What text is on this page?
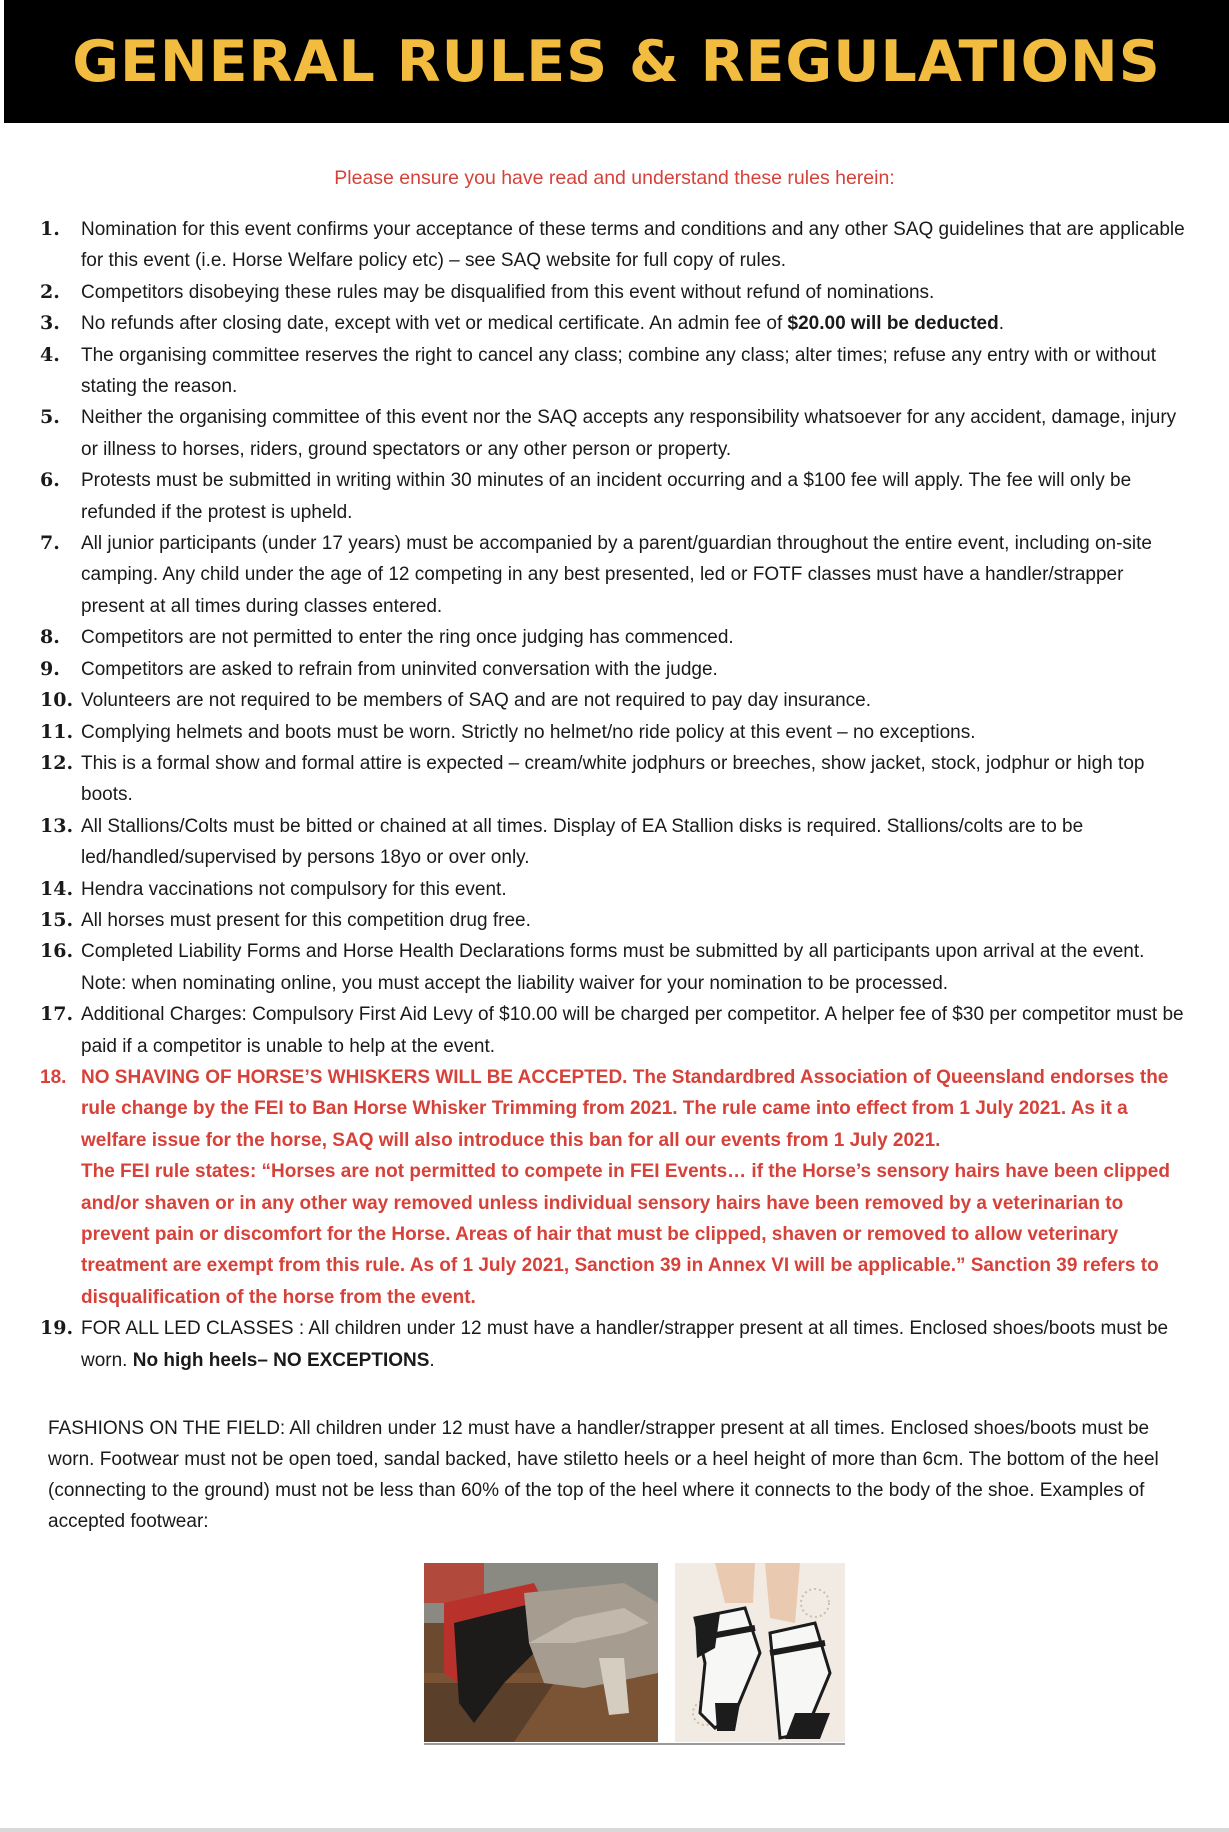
GENERAL RULES & REGULATIONS
Please ensure you have read and understand these rules herein:
1. Nomination for this event confirms your acceptance of these terms and conditions and any other SAQ guidelines that are applicable for this event (i.e. Horse Welfare policy etc) – see SAQ website for full copy of rules.
2. Competitors disobeying these rules may be disqualified from this event without refund of nominations.
3. No refunds after closing date, except with vet or medical certificate. An admin fee of $20.00 will be deducted.
4. The organising committee reserves the right to cancel any class; combine any class; alter times; refuse any entry with or without stating the reason.
5. Neither the organising committee of this event nor the SAQ accepts any responsibility whatsoever for any accident, damage, injury or illness to horses, riders, ground spectators or any other person or property.
6. Protests must be submitted in writing within 30 minutes of an incident occurring and a $100 fee will apply. The fee will only be refunded if the protest is upheld.
7. All junior participants (under 17 years) must be accompanied by a parent/guardian throughout the entire event, including on-site camping. Any child under the age of 12 competing in any best presented, led or FOTF classes must have a handler/strapper present at all times during classes entered.
8. Competitors are not permitted to enter the ring once judging has commenced.
9. Competitors are asked to refrain from uninvited conversation with the judge.
10. Volunteers are not required to be members of SAQ and are not required to pay day insurance.
11. Complying helmets and boots must be worn. Strictly no helmet/no ride policy at this event – no exceptions.
12. This is a formal show and formal attire is expected – cream/white jodphurs or breeches, show jacket, stock, jodphur or high top boots.
13. All Stallions/Colts must be bitted or chained at all times. Display of EA Stallion disks is required. Stallions/colts are to be led/handled/supervised by persons 18yo or over only.
14. Hendra vaccinations not compulsory for this event.
15. All horses must present for this competition drug free.
16. Completed Liability Forms and Horse Health Declarations forms must be submitted by all participants upon arrival at the event. Note: when nominating online, you must accept the liability waiver for your nomination to be processed.
17. Additional Charges: Compulsory First Aid Levy of $10.00 will be charged per competitor. A helper fee of $30 per competitor must be paid if a competitor is unable to help at the event.
18. NO SHAVING OF HORSE’S WHISKERS WILL BE ACCEPTED. The Standardbred Association of Queensland endorses the rule change by the FEI to Ban Horse Whisker Trimming from 2021. The rule came into effect from 1 July 2021. As it a welfare issue for the horse, SAQ will also introduce this ban for all our events from 1 July 2021.
The FEI rule states: “Horses are not permitted to compete in FEI Events… if the Horse’s sensory hairs have been clipped and/or shaven or in any other way removed unless individual sensory hairs have been removed by a veterinarian to prevent pain or discomfort for the Horse. Areas of hair that must be clipped, shaven or removed to allow veterinary treatment are exempt from this rule. As of 1 July 2021, Sanction 39 in Annex VI will be applicable.” Sanction 39 refers to disqualification of the horse from the event.
19. FOR ALL LED CLASSES : All children under 12 must have a handler/strapper present at all times. Enclosed shoes/boots must be worn. No high heels– NO EXCEPTIONS.
FASHIONS ON THE FIELD: All children under 12 must have a handler/strapper present at all times. Enclosed shoes/boots must be worn. Footwear must not be open toed, sandal backed, have stiletto heels or a heel height of more than 6cm. The bottom of the heel (connecting to the ground) must not be less than 60% of the top of the heel where it connects to the body of the shoe. Examples of accepted footwear:
